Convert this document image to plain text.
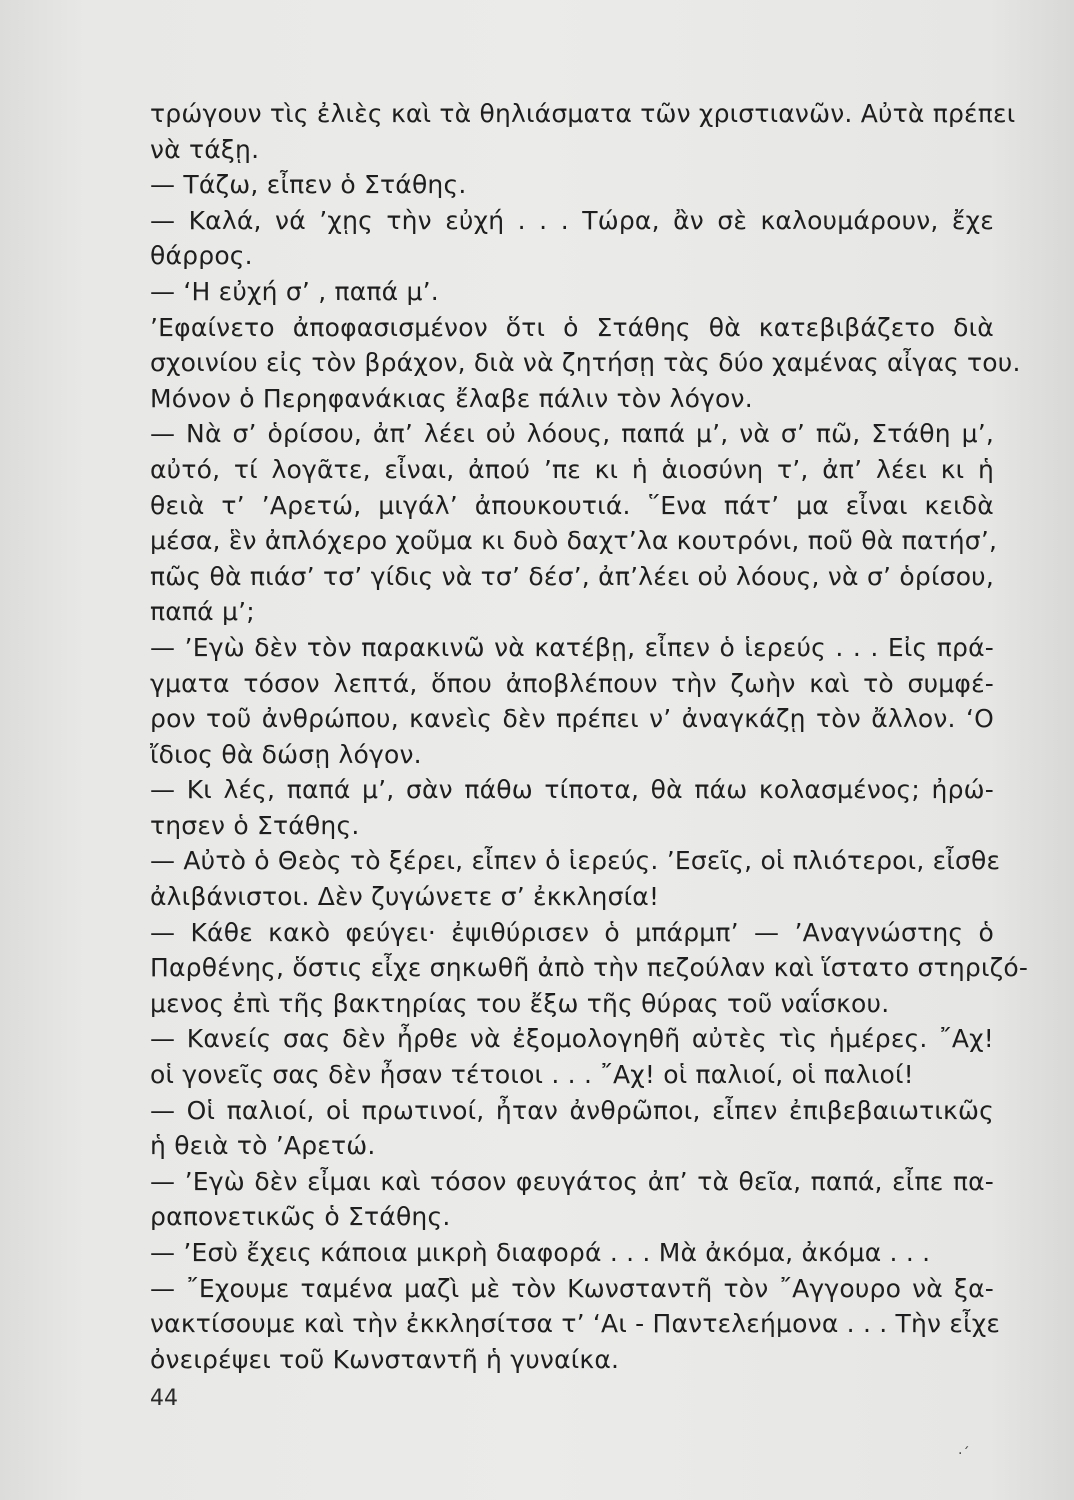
τρώγουν τὶς ἐλιὲς καὶ τὰ θηλιάσματα τῶν χριστιανῶν. Αὐτὰ πρέπει
νὰ τάξῃ.
— Τάζω, εἶπεν ὁ Στάθης.
— Καλά, νά ’χῃς τὴν εὐχή . . . Τώρα, ἂν σὲ καλουμάρουν, ἔχε
θάρρος.
— ‘Η εὐχή σ’ , παπά μ’.
’Εφαίνετο ἀποφασισμένον ὅτι ὁ Στάθης θὰ κατεβιβάζετο διὰ
σχοινίου εἰς τὸν βράχον, διὰ νὰ ζητήσῃ τὰς δύο χαμένας αἶγας του.
Μόνον ὁ Περηφανάκιας ἔλαβε πάλιν τὸν λόγον.
— Νὰ σ’ ὁρίσου, ἀπ’ λέει οὐ λόους, παπά μ’, νὰ σ’ πῶ, Στάθη μ’,
αὐτό, τί λογᾶτε, εἶναι, ἀπού ’πε κι ἡ ἁιοσύνη τ’, ἀπ’ λέει κι ἡ
θειὰ τ’ ’Αρετώ, μιγάλ’ ἀπουκουτιά. ῞Ενα πάτ’ μα εἶναι κειδὰ
μέσα, ἓν ἀπλόχερο χοῦμα κι δυὸ δαχτ’λα κουτρόνι, ποῦ θὰ πατήσ’,
πῶς θὰ πιάσ’ τσ’ γίδις νὰ τσ’ δέσ’, ἀπ’λέει οὐ λόους, νὰ σ’ ὁρίσου,
παπά μ’;
— ’Εγὼ δὲν τὸν παρακινῶ νὰ κατέβῃ, εἶπεν ὁ ἱερεύς . . . Εἰς πρά-
γματα τόσον λεπτά, ὅπου ἀποβλέπουν τὴν ζωὴν καὶ τὸ συμφέ-
ρον τοῦ ἀνθρώπου, κανεὶς δὲν πρέπει ν’ ἀναγκάζῃ τὸν ἄλλον. ‘Ο
ἴδιος θὰ δώσῃ λόγον.
— Κι λές, παπά μ’, σὰν πάθω τίποτα, θὰ πάω κολασμένος; ἠρώ-
τησεν ὁ Στάθης.
— Αὐτὸ ὁ Θεὸς τὸ ξέρει, εἶπεν ὁ ἱερεύς. ’Εσεῖς, οἱ πλιότεροι, εἶσθε
ἀλιβάνιστοι. Δὲν ζυγώνετε σ’ ἐκκλησία!
— Κάθε κακὸ φεύγει· ἐψιθύρισεν ὁ μπάρμπ’ — ’Αναγνώστης ὁ
Παρθένης, ὅστις εἶχε σηκωθῆ ἀπὸ τὴν πεζούλαν καὶ ἵστατο στηριζό-
μενος ἐπὶ τῆς βακτηρίας του ἔξω τῆς θύρας τοῦ ναΐσκου.
— Κανείς σας δὲν ἦρθε νὰ ἐξομολογηθῆ αὐτὲς τὶς ἡμέρες. ῎Αχ!
οἱ γονεῖς σας δὲν ἦσαν τέτοιοι . . . ῎Αχ! οἱ παλιοί, οἱ παλιοί!
— Οἱ παλιοί, οἱ πρωτινοί, ἦταν ἀνθρῶποι, εἶπεν ἐπιβεβαιωτικῶς
ἡ θειὰ τὸ ’Αρετώ.
— ’Εγὼ δὲν εἶμαι καὶ τόσον φευγάτος ἀπ’ τὰ θεῖα, παπά, εἶπε πα-
ραπονετικῶς ὁ Στάθης.
— ’Εσὺ ἔχεις κάποια μικρὴ διαφορά . . . Μὰ ἀκόμα, ἀκόμα . . .
— ῎Εχουμε ταμένα μαζὶ μὲ τὸν Κωνσταντῆ τὸν ῎Αγγουρο νὰ ξα-
νακτίσουμε καὶ τὴν ἐκκλησίτσα τ’ ‘Αι - Παντελεήμονα . . . Τὴν εἶχε
ὀνειρέψει τοῦ Κωνσταντῆ ἡ γυναίκα.
44
·´
